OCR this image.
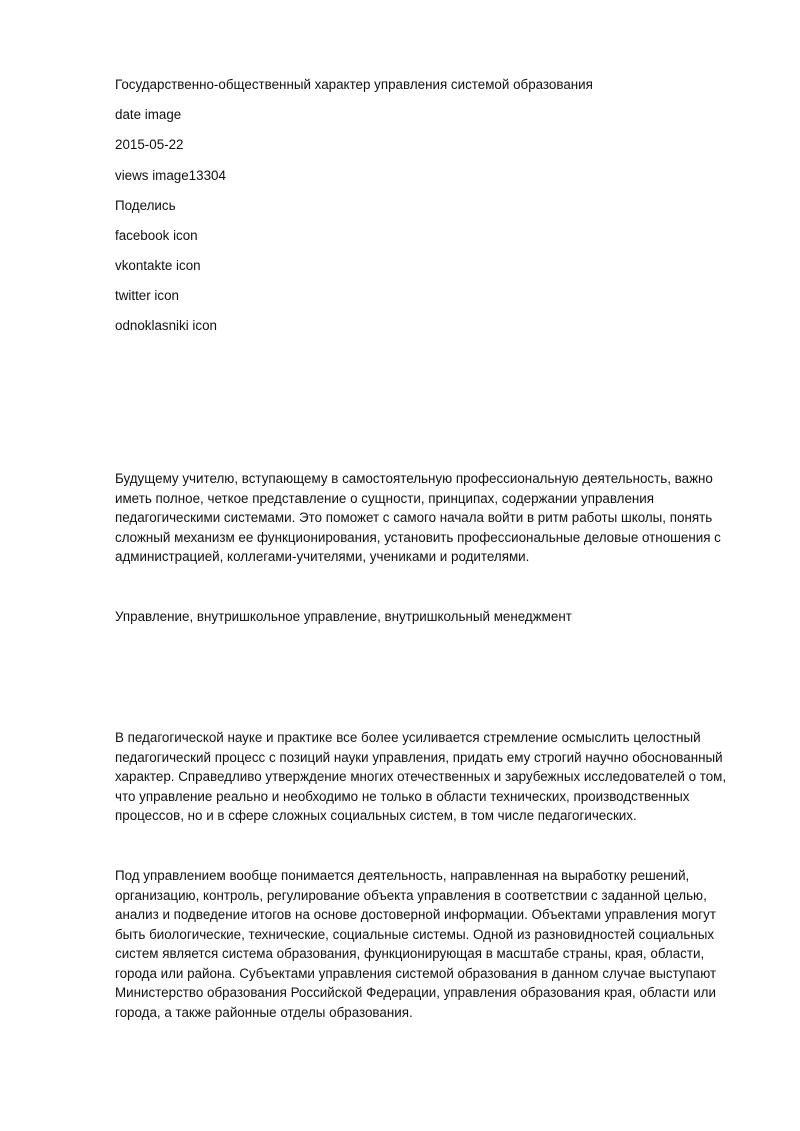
Государственно-общественный характер управления системой образования
date image
2015-05-22
views image13304
Поделись
facebook icon
vkontakte icon
twitter icon
odnoklasniki icon
Будущему учителю, вступающему в самостоятельную профессиональную деятельность, важно
иметь полное, четкое представление о сущности, принципах, содержании управления
педагогическими системами. Это поможет с самого начала войти в ритм работы школы, понять
сложный механизм ее функционирования, установить профессиональные деловые отношения с
администрацией, коллегами-учителями, учениками и родителями.
Управление, внутришкольное управление, внутришкольный менеджмент
В педагогической науке и практике все более усиливается стремление осмыслить целостный
педагогический процесс с позиций науки управления, придать ему строгий научно обоснованный
характер. Справедливо утверждение многих отечественных и зарубежных исследователей о том,
что управление реально и необходимо не только в области технических, производственных
процессов, но и в сфере сложных социальных систем, в том числе педагогических.
Под управлением вообще понимается деятельность, направленная на выработку решений,
организацию, контроль, регулирование объекта управления в соответствии с заданной целью,
анализ и подведение итогов на основе достоверной информации. Объектами управления могут
быть биологические, технические, социальные системы. Одной из разновидностей социальных
систем является система образования, функционирующая в масштабе страны, края, области,
города или района. Субъектами управления системой образования в данном случае выступают
Министерство образования Российской Федерации, управления образования края, области или
города, а также районные отделы образования.
